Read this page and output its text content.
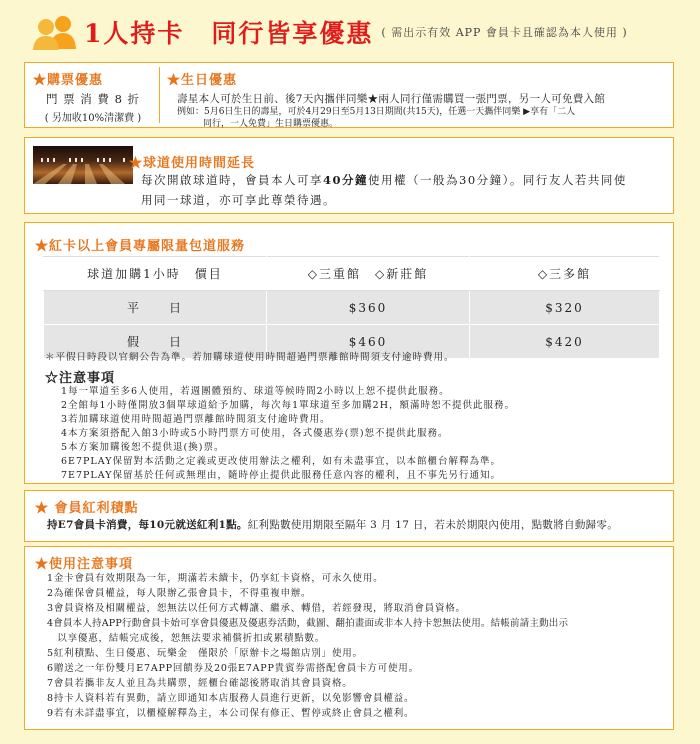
1人持卡　同行皆享優惠 ( 需出示有效 APP 會員卡且確認為本人使用 )
★購票優惠
門 票 消 費 8 折
( 另加收10%清潔費 )
★生日優惠
壽星本人可於生日前、後7天內攜伴同樂★兩人同行僅需購買一張門票，另一人可免費入館
例如：5月6日生日的壽星，可於4月29日至5月13日期間(共15天)，任選一天攜伴同樂 ▶享有「二人
同行，一人免費」生日購票優惠。
★球道使用時間延長
每次開啟球道時，會員本人可享40分鐘使用權（一般為30分鐘）。同行友人若共同使
用同一球道，亦可享此尊榮待遇。
★紅卡以上會員專屬限量包道服務
球道加購1小時　價目	◇三重館　◇新莊館	◇三多館
平　　日	$360	$320
假　　日	$460	$420
＊平假日時段以官網公告為準。若加購球道使用時間超過門票離館時間須支付逾時費用。
☆注意事項
1每一單道至多6人使用，若週團體預約、球道等候時間2小時以上恕不提供此服務。
2全館每1小時僅開放3個單球道給予加購，每次每1單球道至多加購2H，額滿時恕不提供此服務。
3若加購球道使用時間超過門票離館時間須支付逾時費用。
4本方案須搭配入館3小時或5小時門票方可使用，各式優惠券(票)恕不提供此服務。
5本方案加購後恕不提供退(換)票。
6E7PLAY保留對本活動之定義或更改使用辦法之權利，如有未盡事宜，以本館櫃台解釋為準。
7E7PLAY保留基於任何或無理由，隨時停止提供此服務任意內容的權利，且不事先另行通知。
★ 會員紅利積點
持E7會員卡消費，每10元就送紅利1點。紅利點數使用期限至隔年 3 月 17 日，若未於期限內使用，點數將自動歸零。
★使用注意事項
1金卡會員有效期限為一年，期滿若未續卡，仍享紅卡資格，可永久使用。
2為確保會員權益，每人限辦乙張會員卡，不得重複申辦。
3會員資格及相關權益，恕無法以任何方式轉讓、繼承、轉借，若經發現，將取消會員資格。
4會員本人持APP行動會員卡始可享會員優惠及優惠券活動，截圖、翻拍畫面或非本人持卡恕無法使用。結帳前請主動出示
　以享優惠，結帳完成後，恕無法要求補償折扣或累積點數。
5紅利積點、生日優惠、玩樂金　僅限於「原辦卡之場館店別」使用。
6贈送之一年份雙月E7APP回饋券及20張E7APP貴賓券需搭配會員卡方可使用。
7會員若攜非友人並且為共購票，經櫃台確認後將取消其會員資格。
8持卡人資料若有異動，請立即通知本店服務人員進行更新，以免影響會員權益。
9若有未詳盡事宜，以櫃檯解釋為主，本公司保有修正、暫停或終止會員之權利。
